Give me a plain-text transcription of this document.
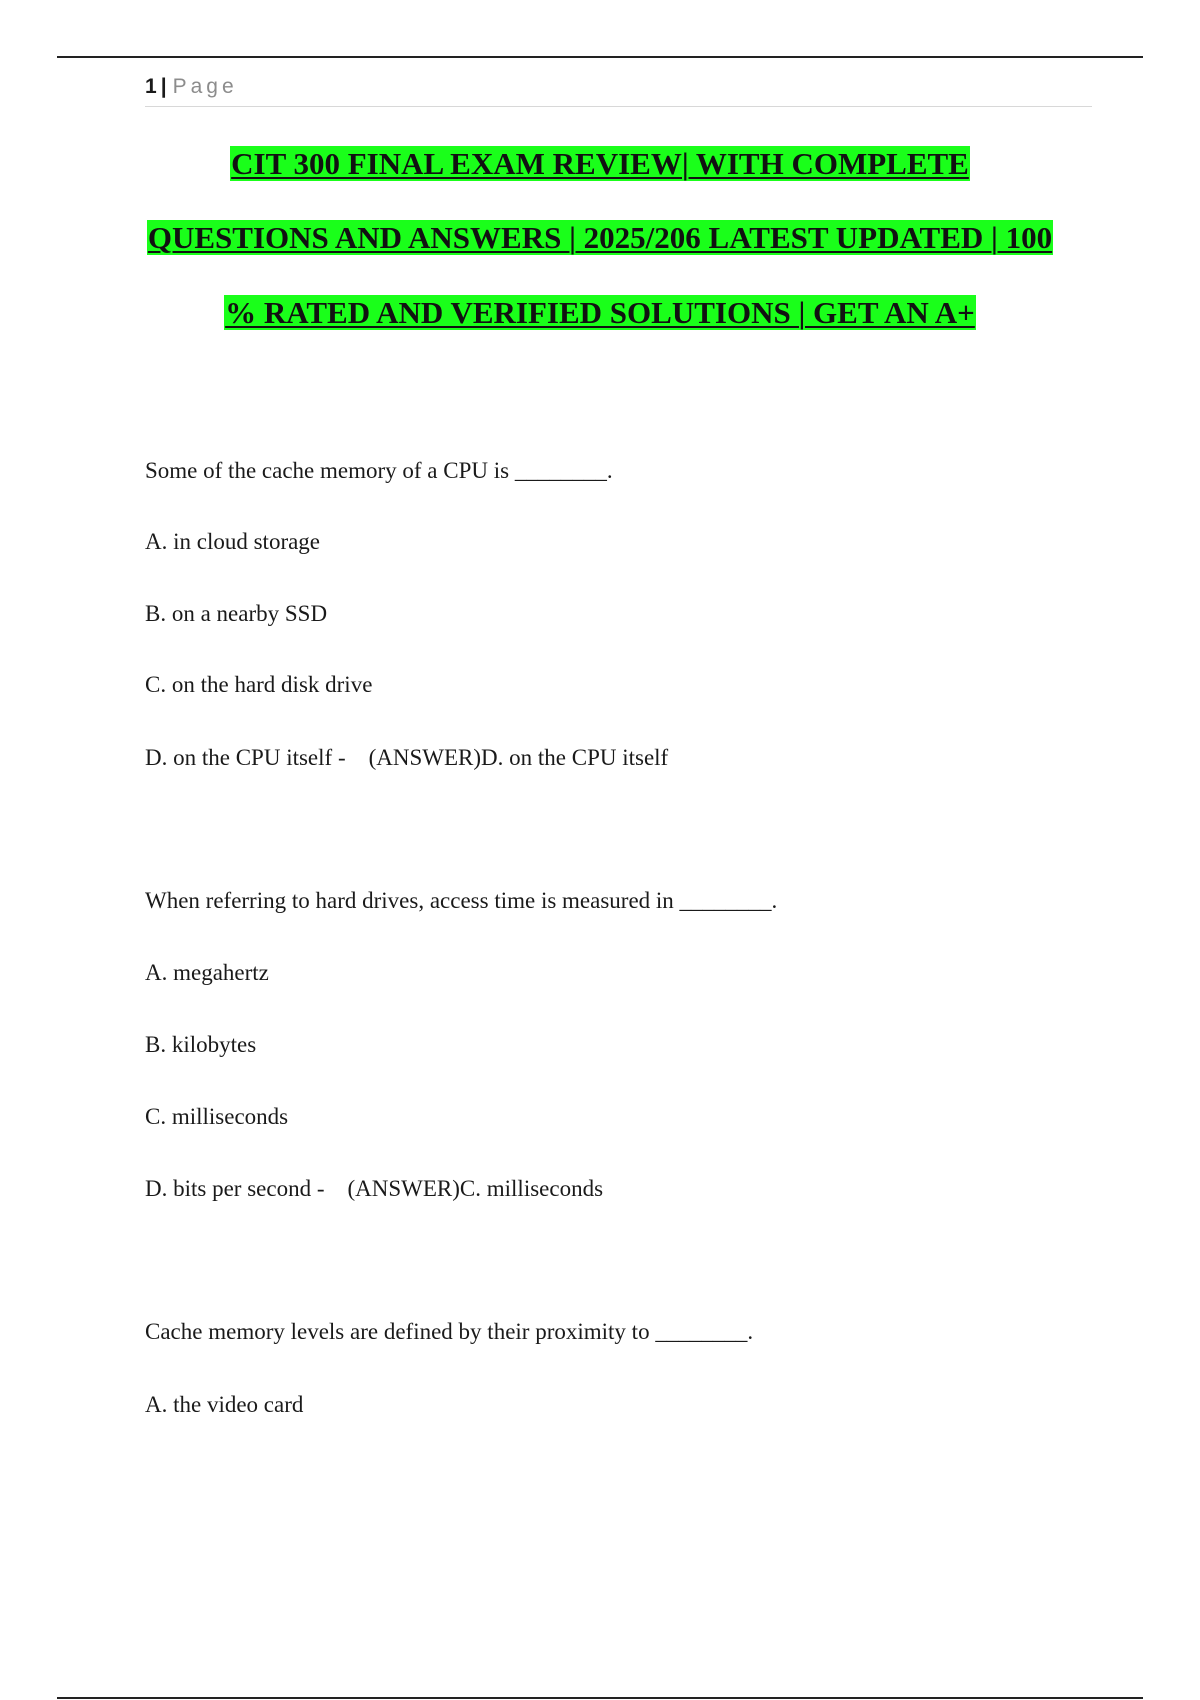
1 | Page
CIT 300 FINAL EXAM REVIEW| WITH COMPLETE
QUESTIONS AND ANSWERS | 2025/206 LATEST UPDATED | 100
% RATED AND VERIFIED SOLUTIONS | GET AN A+
Some of the cache memory of a CPU is ________.
A. in cloud storage
B. on a nearby SSD
C. on the hard disk drive
D. on the CPU itself -    (ANSWER)D. on the CPU itself
When referring to hard drives, access time is measured in ________.
A. megahertz
B. kilobytes
C. milliseconds
D. bits per second -    (ANSWER)C. milliseconds
Cache memory levels are defined by their proximity to ________.
A. the video card
